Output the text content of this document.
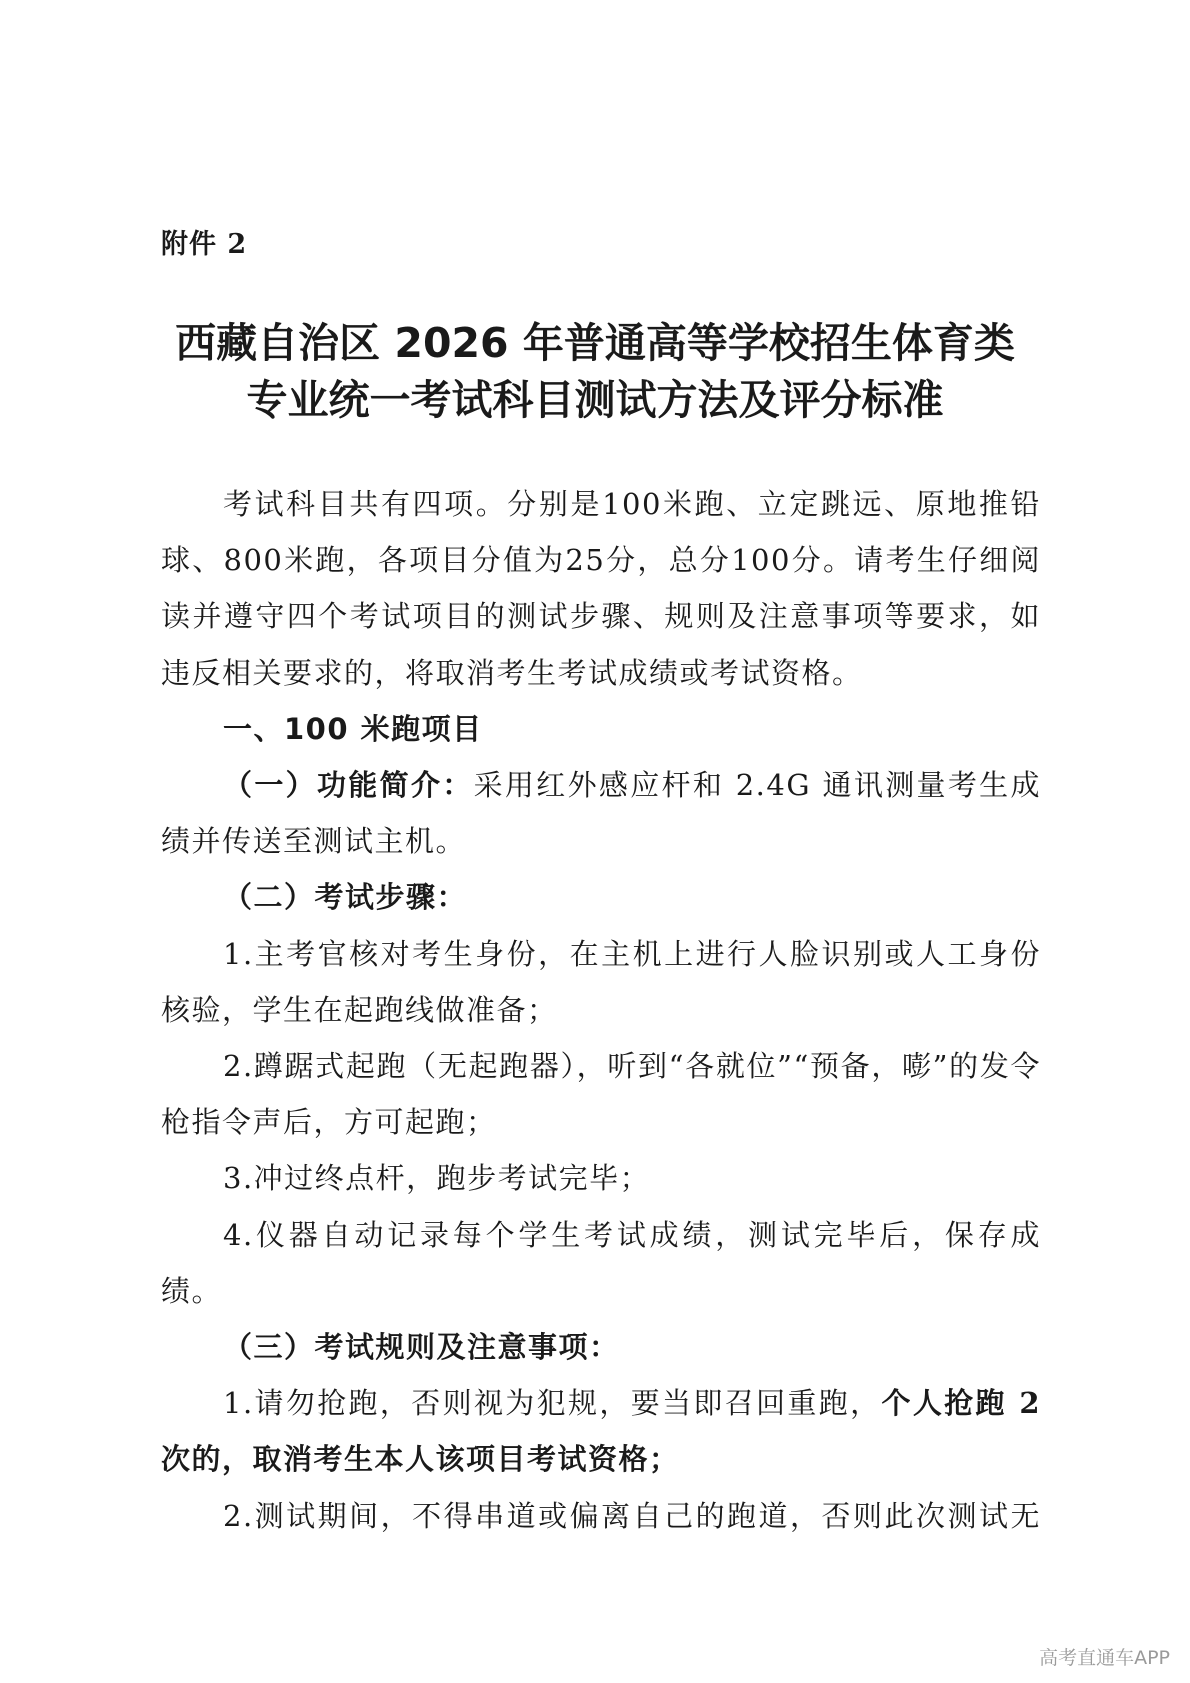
附件 2

西藏自治区 2026 年普通高等学校招生体育类
专业统一考试科目测试方法及评分标准

考试科目共有四项。分别是100米跑、立定跳远、原地推铅球、800米跑，各项目分值为25分，总分100分。请考生仔细阅读并遵守四个考试项目的测试步骤、规则及注意事项等要求，如违反相关要求的，将取消考生考试成绩或考试资格。

一、100 米跑项目

（一）功能简介：采用红外感应杆和 2.4G 通讯测量考生成绩并传送至测试主机。

（二）考试步骤：

1.主考官核对考生身份，在主机上进行人脸识别或人工身份核验，学生在起跑线做准备；

2.蹲踞式起跑（无起跑器），听到“各就位”“预备，嘭”的发令枪指令声后，方可起跑；

3.冲过终点杆，跑步考试完毕；

4.仪器自动记录每个学生考试成绩，测试完毕后，保存成绩。

（三）考试规则及注意事项：

1.请勿抢跑，否则视为犯规，要当即召回重跑，个人抢跑 2 次的，取消考生本人该项目考试资格；

2.测试期间，不得串道或偏离自己的跑道，否则此次测试无

高考直通车APP
